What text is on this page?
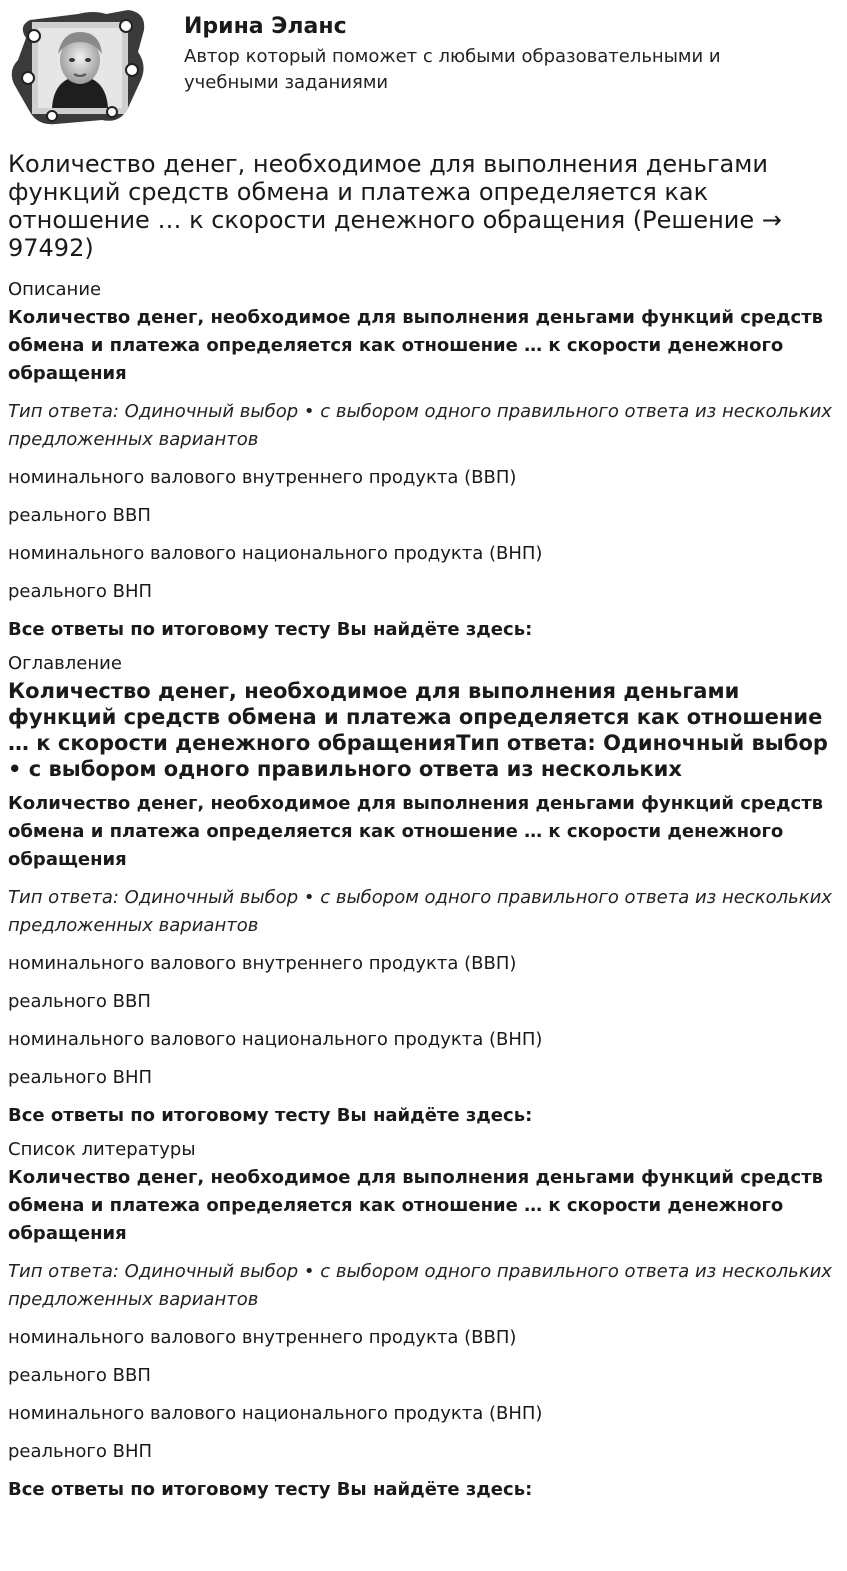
Ирина Эланс
Автор который поможет с любыми образовательными и учебными заданиями
Количество денег, необходимое для выполнения деньгами функций средств обмена и платежа определяется как отношение … к скорости денежного обращения (Решение → 97492)
Описание
Количество денег, необходимое для выполнения деньгами функций средств обмена и платежа определяется как отношение … к скорости денежного обращения
Тип ответа: Одиночный выбор • с выбором одного правильного ответа из нескольких предложенных вариантов
номинального валового внутреннего продукта (ВВП)
реального ВВП
номинального валового национального продукта (ВНП)
реального ВНП
Все ответы по итоговому тесту Вы найдёте здесь:
Оглавление
Количество денег, необходимое для выполнения деньгами функций средств обмена и платежа определяется как отношение … к скорости денежного обращенияТип ответа: Одиночный выбор • с выбором одного правильного ответа из нескольких
Количество денег, необходимое для выполнения деньгами функций средств обмена и платежа определяется как отношение … к скорости денежного обращения
Тип ответа: Одиночный выбор • с выбором одного правильного ответа из нескольких предложенных вариантов
номинального валового внутреннего продукта (ВВП)
реального ВВП
номинального валового национального продукта (ВНП)
реального ВНП
Все ответы по итоговому тесту Вы найдёте здесь:
Список литературы
Количество денег, необходимое для выполнения деньгами функций средств обмена и платежа определяется как отношение … к скорости денежного обращения
Тип ответа: Одиночный выбор • с выбором одного правильного ответа из нескольких предложенных вариантов
номинального валового внутреннего продукта (ВВП)
реального ВВП
номинального валового национального продукта (ВНП)
реального ВНП
Все ответы по итоговому тесту Вы найдёте здесь:
